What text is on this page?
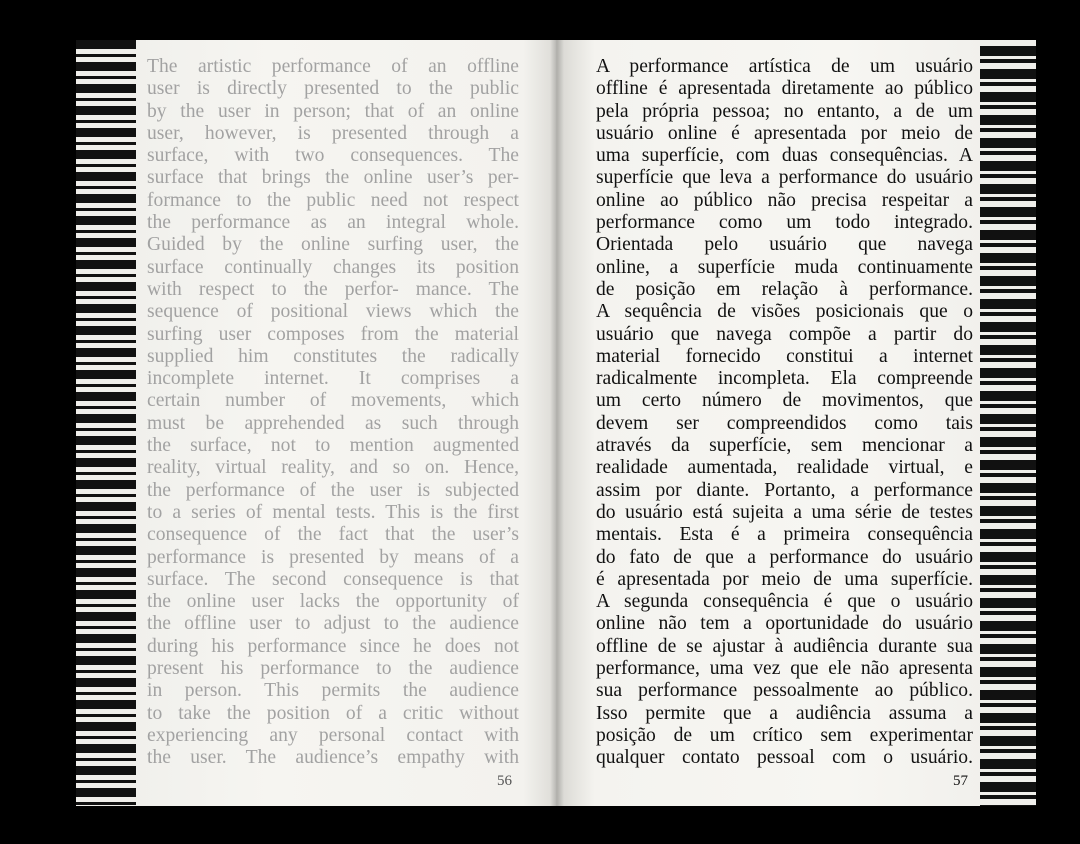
The artistic performance of an offline
user is directly presented to the public
by the user in person; that of an online
user, however, is presented through a
surface, with two consequences. The
surface that brings the online user’s per-
formance to the public need not respect
the performance as an integral whole.
Guided by the online surfing user, the
surface continually changes its position
with respect to the perfor- mance. The
sequence of positional views which the
surfing user composes from the material
supplied him constitutes the radically
incomplete internet. It comprises a
certain number of movements, which
must be apprehended as such through
the surface, not to mention augmented
reality, virtual reality, and so on. Hence,
the performance of the user is subjected
to a series of mental tests. This is the first
consequence of the fact that the user’s
performance is presented by means of a
surface. The second consequence is that
the online user lacks the opportunity of
the offline user to adjust to the audience
during his performance since he does not
present his performance to the audience
in person. This permits the audience
to take the position of a critic without
experiencing any personal contact with
the user. The audience’s empathy with
56
A performance artística de um usuário
offline é apresentada diretamente ao público
pela própria pessoa; no entanto, a de um
usuário online é apresentada por meio de
uma superfície, com duas consequências. A
superfície que leva a performance do usuário
online ao público não precisa respeitar a
performance como um todo integrado.
Orientada pelo usuário que navega
online, a superfície muda continuamente
de posição em relação à performance.
A sequência de visões posicionais que o
usuário que navega compõe a partir do
material fornecido constitui a internet
radicalmente incompleta. Ela compreende
um certo número de movimentos, que
devem ser compreendidos como tais
através da superfície, sem mencionar a
realidade aumentada, realidade virtual, e
assim por diante. Portanto, a performance
do usuário está sujeita a uma série de testes
mentais. Esta é a primeira consequência
do fato de que a performance do usuário
é apresentada por meio de uma superfície.
A segunda consequência é que o usuário
online não tem a oportunidade do usuário
offline de se ajustar à audiência durante sua
performance, uma vez que ele não apresenta
sua performance pessoalmente ao público.
Isso permite que a audiência assuma a
posição de um crítico sem experimentar
qualquer contato pessoal com o usuário.
57
